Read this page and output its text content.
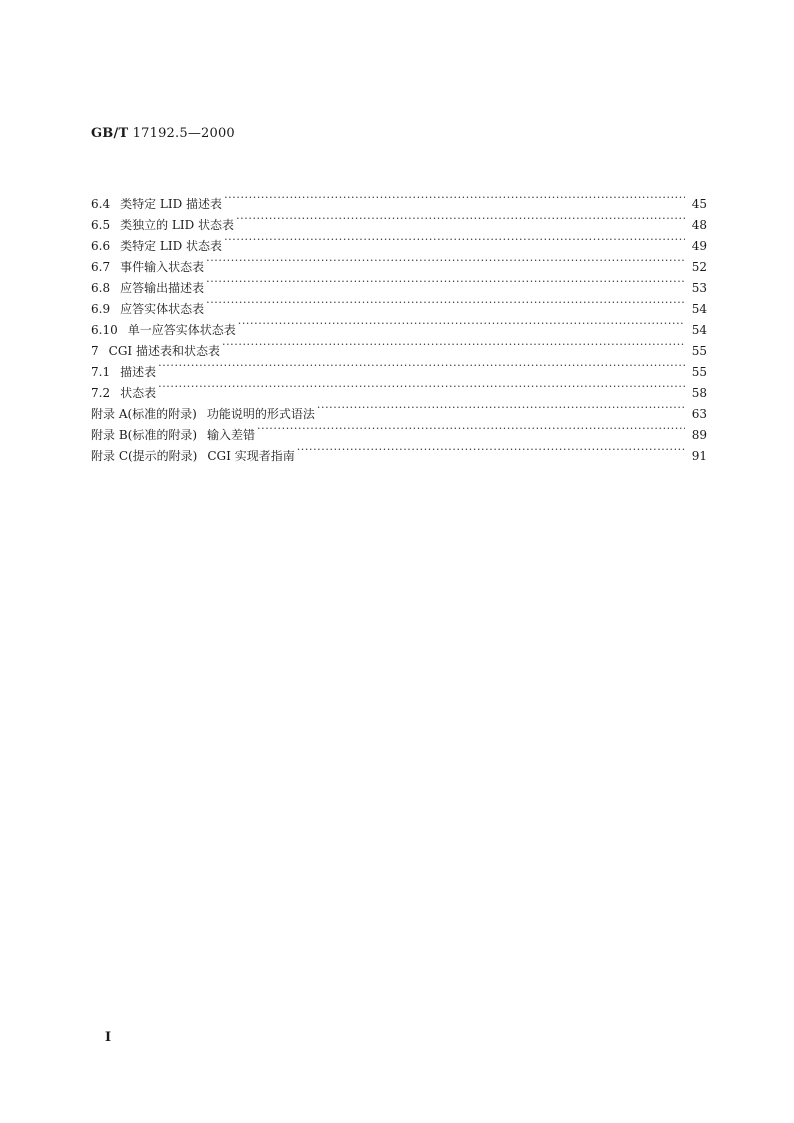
GB/T 17192.5—2000
6.4 类特定 LID 描述表 ·····	45
6.5 类独立的 LID 状态表 ·····	48
6.6 类特定 LID 状态表 ·····	49
6.7 事件输入状态表 ·····	52
6.8 应答输出描述表 ·····	53
6.9 应答实体状态表 ·····	54
6.10 单一应答实体状态表 ·····	54
7 CGI 描述表和状态表 ·····	55
7.1 描述表 ·····	55
7.2 状态表 ·····	58
附录 A(标准的附录) 功能说明的形式语法 ·····	63
附录 B(标准的附录) 输入差错 ·····	89
附录 C(提示的附录) CGI 实现者指南 ·····	91
I
